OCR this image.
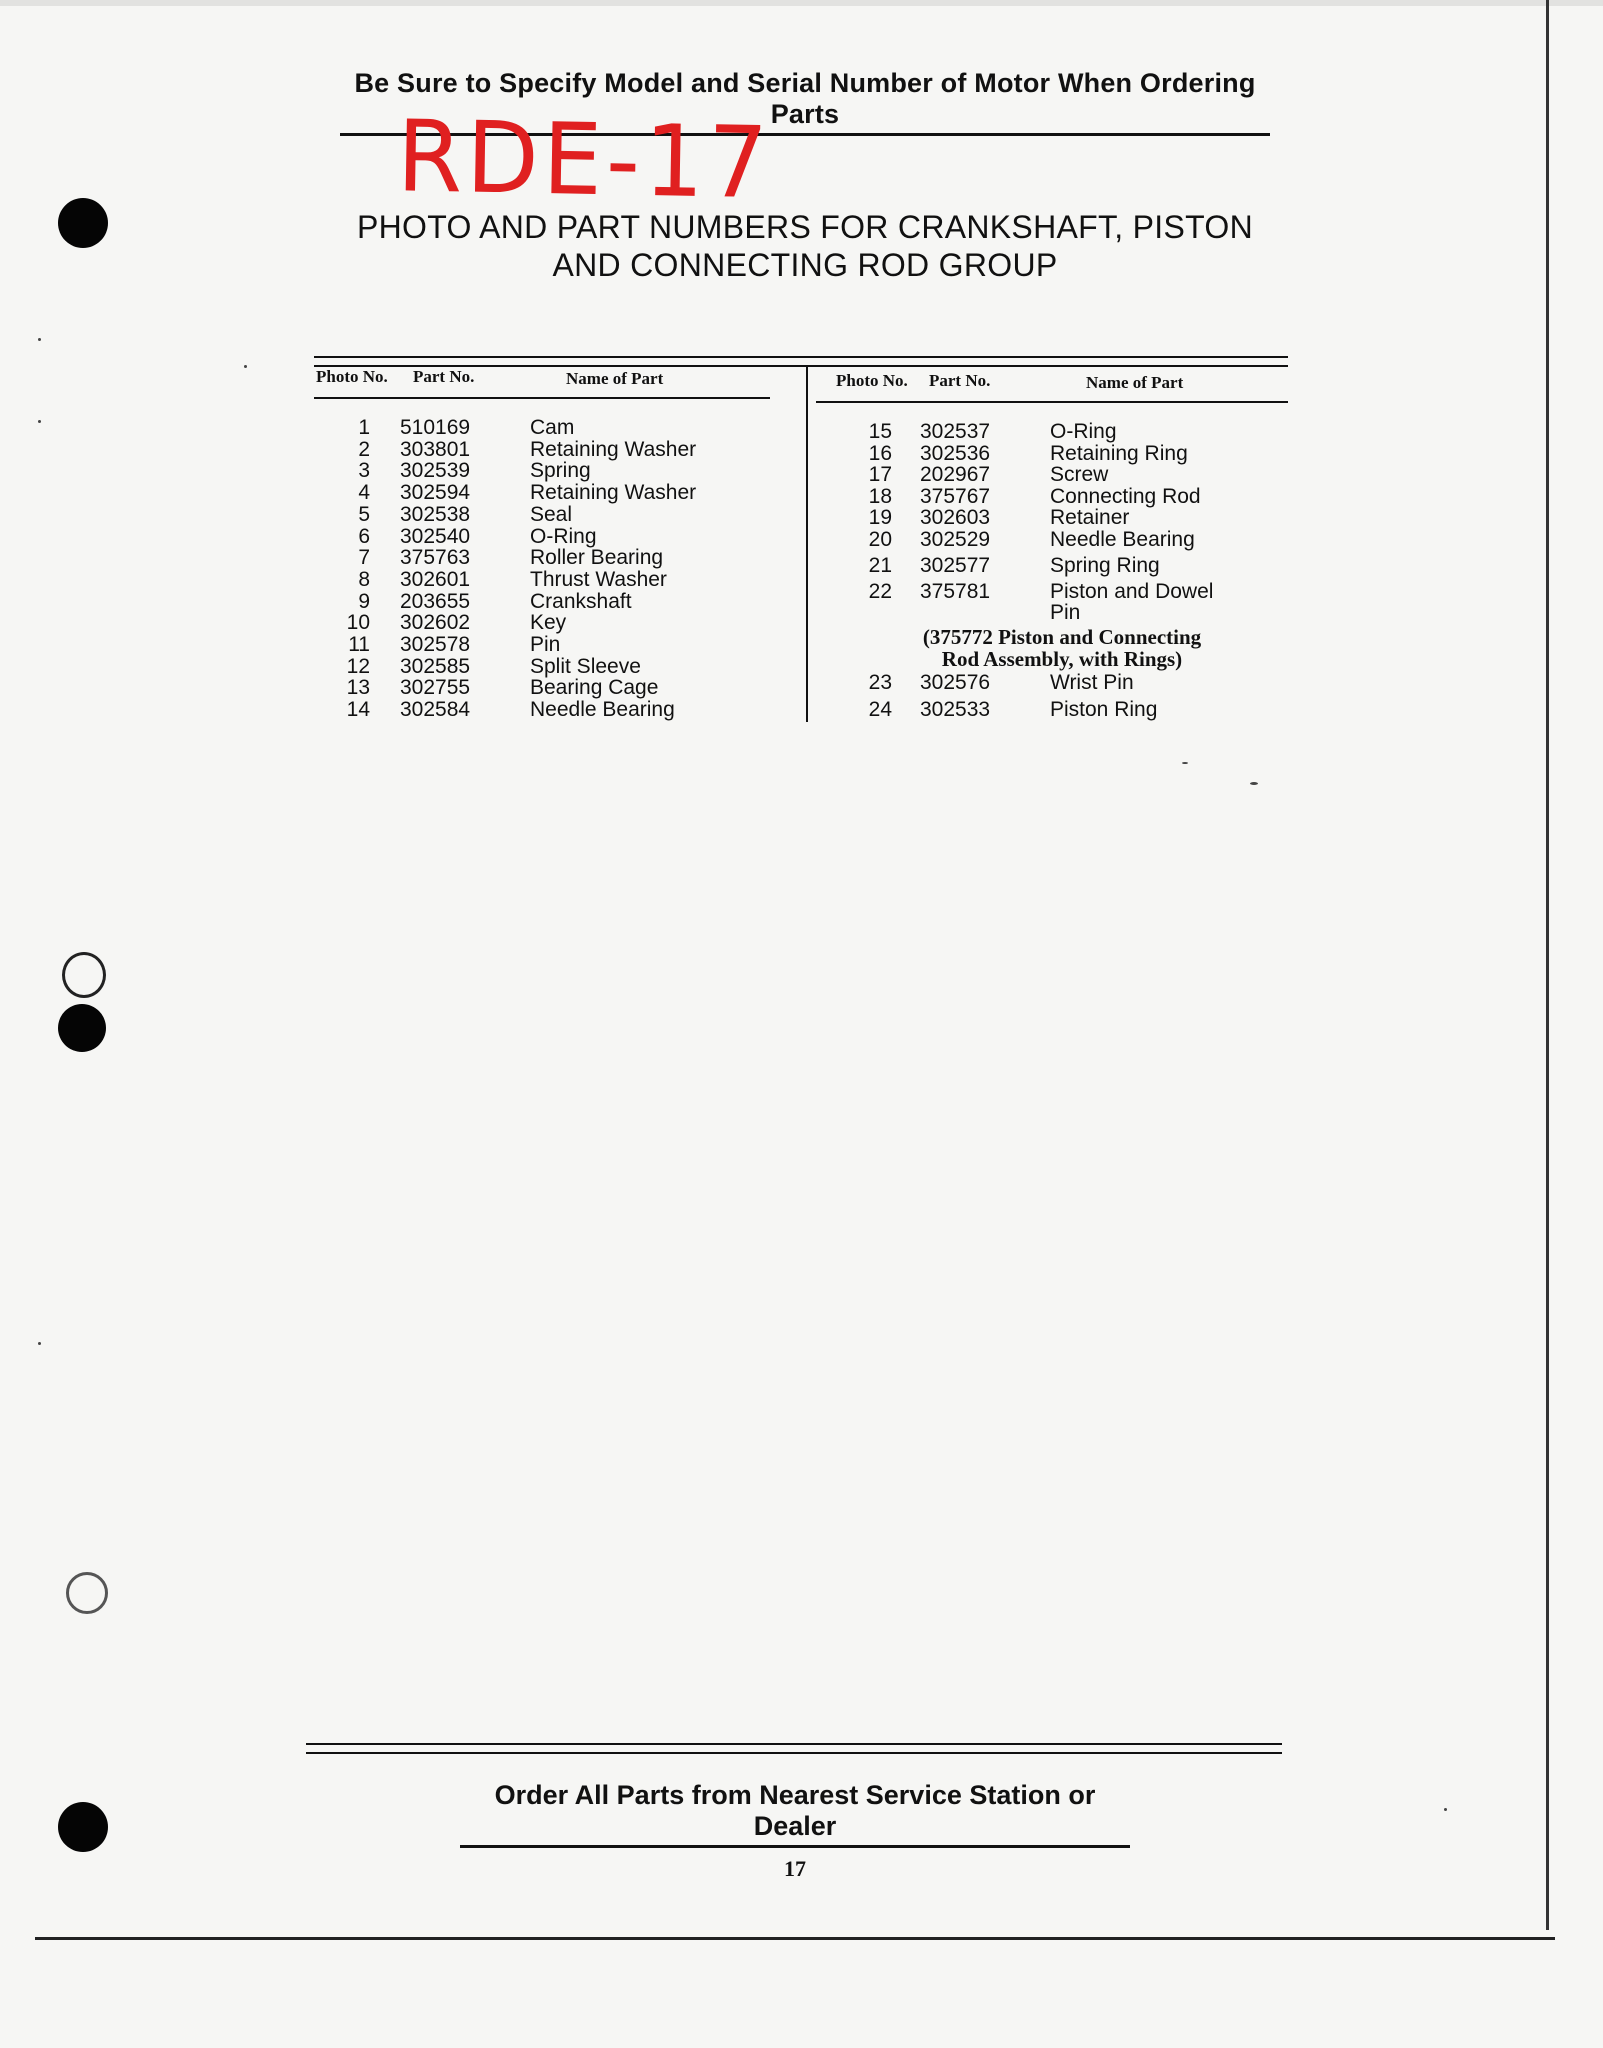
Be Sure to Specify Model and Serial Number of Motor When Ordering Parts
RDE-17
PHOTO AND PART NUMBERS FOR CRANKSHAFT, PISTON
AND CONNECTING ROD GROUP
Photo No. Part No.	Name of Part	Photo No. Part No.	Name of Part
1 510169	Cam
2 303801	Retaining Washer
3 302539	Spring
4 302594	Retaining Washer
5 302538	Seal
6 302540	O-Ring
7 375763	Roller Bearing
8 302601	Thrust Washer
9 203655	Crankshaft
10 302602	Key
11 302578	Pin
12 302585	Split Sleeve
13 302755	Bearing Cage
14 302584	Needle Bearing
15 302537	O-Ring
16 302536	Retaining Ring
17 202967	Screw
18 375767	Connecting Rod
19 302603	Retainer
20 302529	Needle Bearing
21 302577	Spring Ring
22 375781	Piston and Dowel
Pin
(375772 Piston and Connecting
Rod Assembly, with Rings)
23 302576	Wrist Pin
24 302533	Piston Ring
Order All Parts from Nearest Service Station or Dealer
17
